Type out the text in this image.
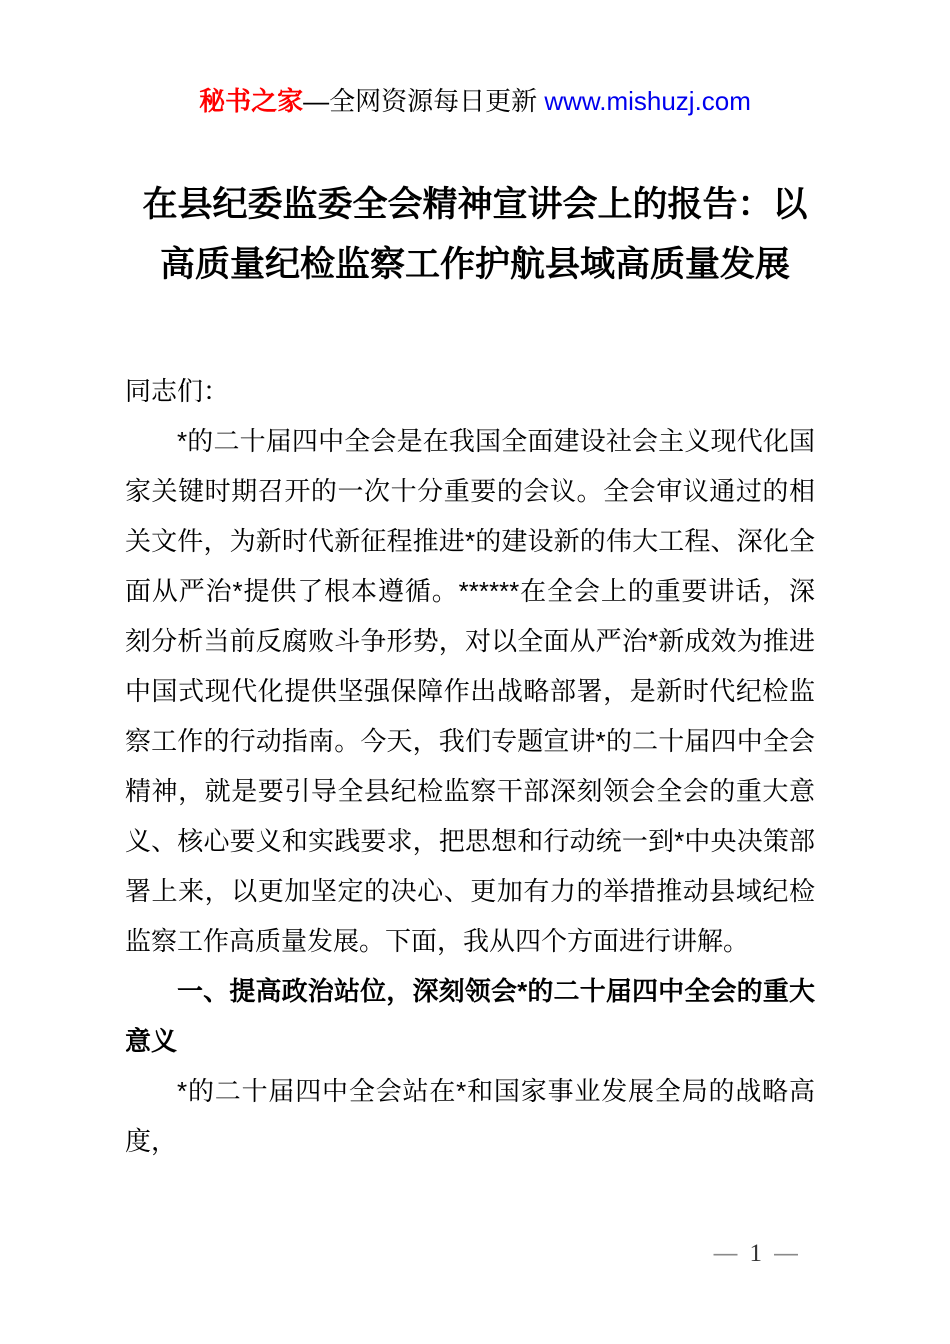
秘书之家—全网资源每日更新 www.mishuzj.com
在县纪委监委全会精神宣讲会上的报告：以高质量纪检监察工作护航县域高质量发展

同志们：

*的二十届四中全会是在我国全面建设社会主义现代化国家关键时期召开的一次十分重要的会议。全会审议通过的相关文件，为新时代新征程推进*的建设新的伟大工程、深化全面从严治*提供了根本遵循。******在全会上的重要讲话，深刻分析当前反腐败斗争形势，对以全面从严治*新成效为推进中国式现代化提供坚强保障作出战略部署，是新时代纪检监察工作的行动指南。今天，我们专题宣讲*的二十届四中全会精神，就是要引导全县纪检监察干部深刻领会全会的重大意义、核心要义和实践要求，把思想和行动统一到*中央决策部署上来，以更加坚定的决心、更加有力的举措推动县域纪检监察工作高质量发展。下面，我从四个方面进行讲解。

一、提高政治站位，深刻领会*的二十届四中全会的重大意义

*的二十届四中全会站在*和国家事业发展全局的战略高度，

— 1 —
